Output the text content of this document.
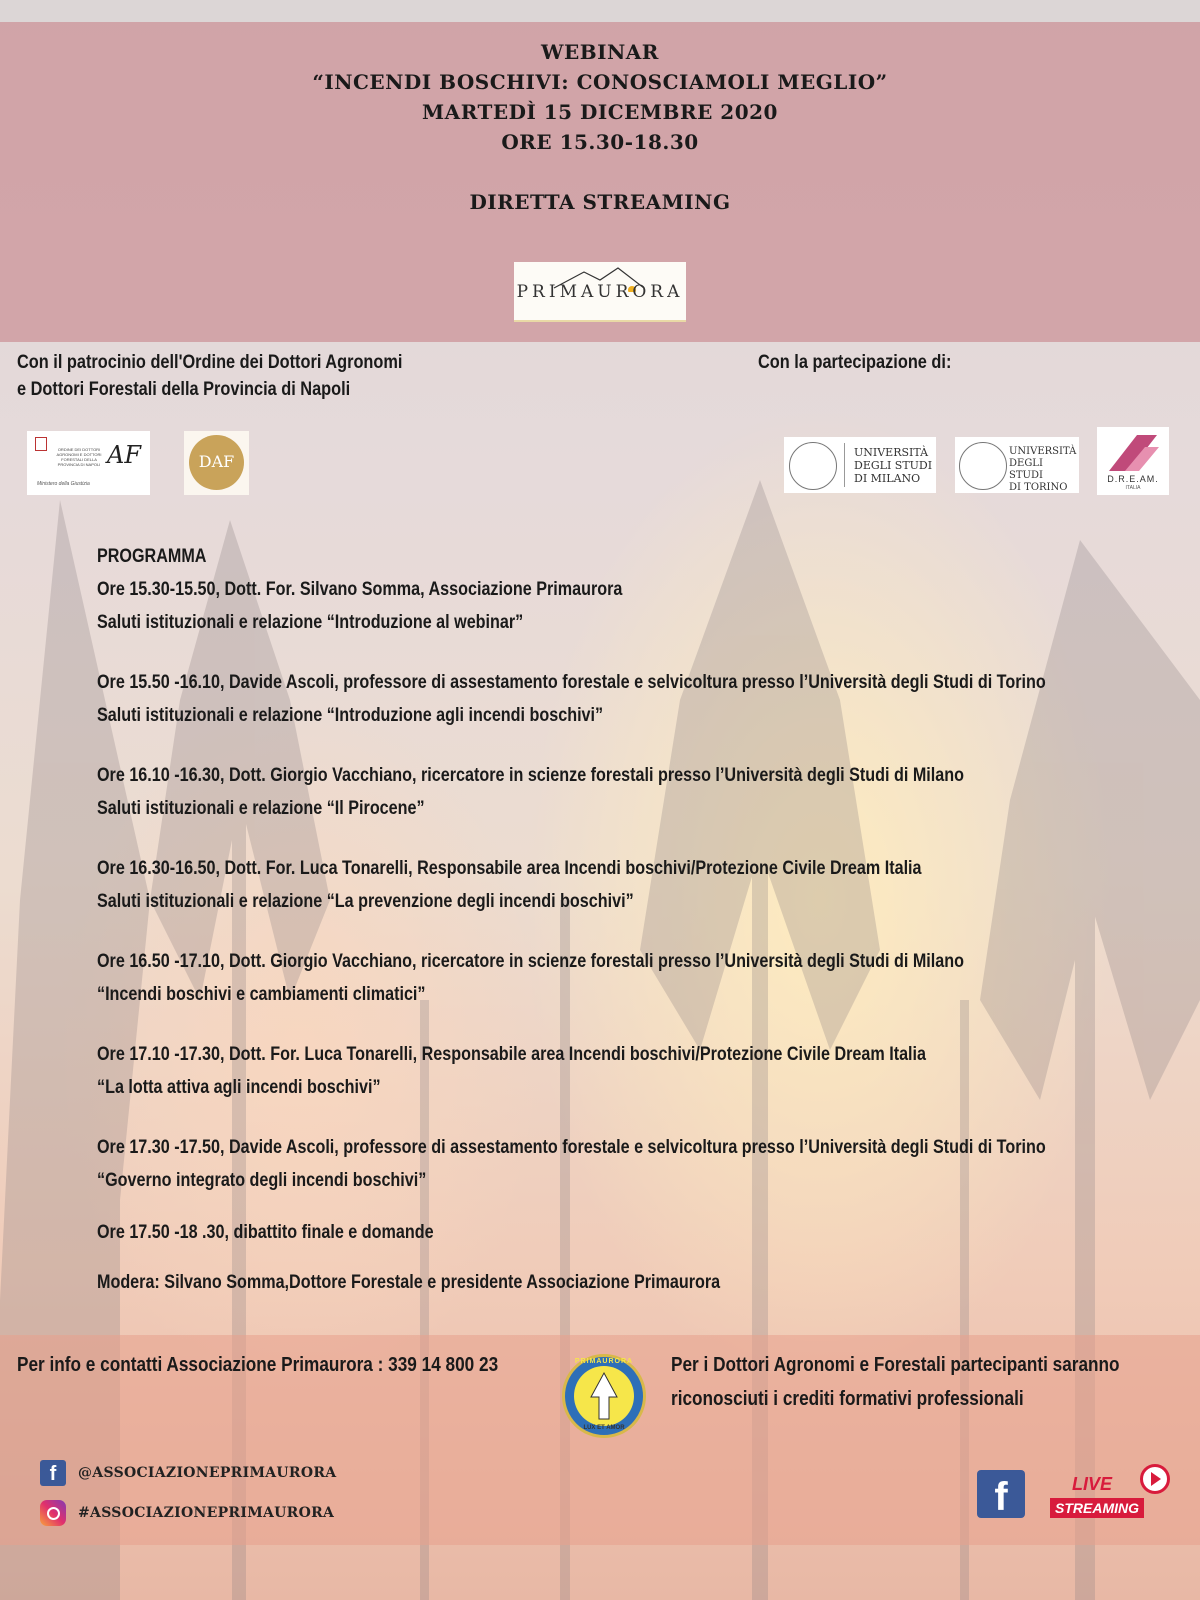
WEBINAR
“INCENDI BOSCHIVI: CONOSCIAMOLI MEGLIO”
MARTEDÌ 15 DICEMBRE 2020
ORE 15.30-18.30
DIRETTA STREAMING
PRIMAURORA
Con il patrocinio dell'Ordine dei Dottori Agronomi
e Dottori Forestali della Provincia di Napoli
ORDINE DEI DOTTORI AGRONOMI E DOTTORI FORESTALI DELLA PROVINCIA DI NAPOLI AF
Ministero della Giustizia
DAF
Con la partecipazione di:
UNIVERSITÀ
DEGLI STUDI
DI MILANO
UNIVERSITÀ
DEGLI STUDI
DI TORINO
D.R.E.AM.
ITALIA
PROGRAMMA
Ore 15.30-15.50, Dott. For. Silvano Somma, Associazione Primaurora
Saluti istituzionali e relazione “Introduzione al webinar”
Ore 15.50 -16.10, Davide Ascoli, professore di assestamento forestale e selvicoltura presso l’Università degli Studi di Torino
Saluti istituzionali e relazione “Introduzione agli incendi boschivi”
Ore 16.10 -16.30, Dott. Giorgio Vacchiano, ricercatore in scienze forestali presso l’Università degli Studi di Milano
Saluti istituzionali e relazione “Il Pirocene”
Ore 16.30-16.50, Dott. For. Luca Tonarelli, Responsabile area Incendi boschivi/Protezione Civile Dream Italia
Saluti istituzionali e relazione “La prevenzione degli incendi boschivi”
Ore 16.50 -17.10, Dott. Giorgio Vacchiano, ricercatore in scienze forestali presso l’Università degli Studi di Milano
“Incendi boschivi e cambiamenti climatici”
Ore 17.10 -17.30, Dott. For. Luca Tonarelli, Responsabile area Incendi boschivi/Protezione Civile Dream Italia
“La lotta attiva agli incendi boschivi”
Ore 17.30 -17.50, Davide Ascoli, professore di assestamento forestale e selvicoltura presso l’Università degli Studi di Torino
“Governo integrato degli incendi boschivi”
Ore 17.50 -18 .30, dibattito finale e domande
Modera: Silvano Somma,Dottore Forestale e presidente Associazione Primaurora
Per info e contatti Associazione Primaurora : 339 14 800 23	PRIMAURORA
LUX ET AMOR
Per i Dottori Agronomi e Forestali partecipanti saranno
riconosciuti i crediti formativi professionali
f	@ASSOCIAZIONEPRIMAURORA
#ASSOCIAZIONEPRIMAURORA	f	LIVE
STREAMING
